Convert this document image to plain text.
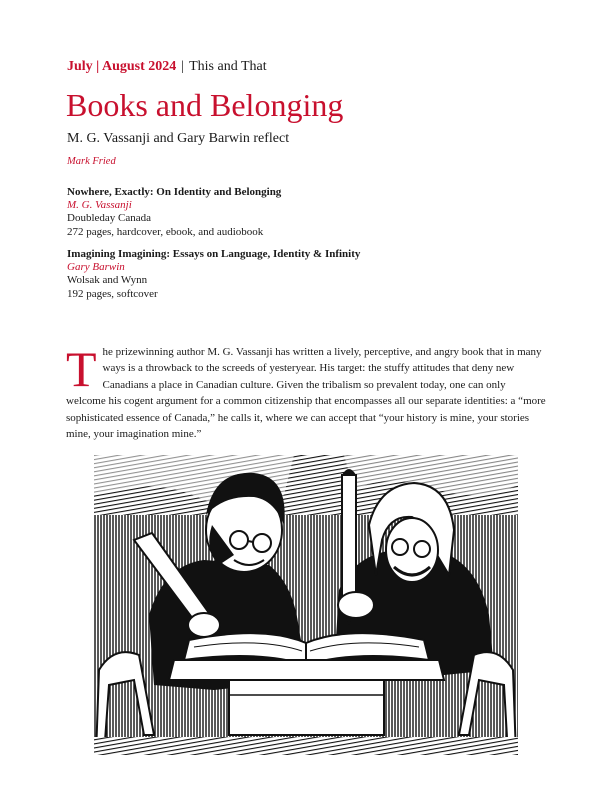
July | August 2024 | This and That
Books and Belonging
M. G. Vassanji and Gary Barwin reflect
Mark Fried
Nowhere, Exactly: On Identity and Belonging
M. G. Vassanji
Doubleday Canada
272 pages, hardcover, ebook, and audiobook
Imagining Imagining: Essays on Language, Identity & Infinity
Gary Barwin
Wolsak and Wynn
192 pages, softcover
T he prizewinning author M. G. Vassanji has written a lively, perceptive, and angry book that in many ways is a throwback to the screeds of yesteryear. His target: the stuffy attitudes that deny new Canadians a place in Canadian culture. Given the tribalism so prevalent today, one can only welcome his cogent argument for a common citizenship that encompasses all our separate identities: a “more sophisticated essence of Canada,” he calls it, where we can accept that “your history is mine, your stories mine, your imagination mine.”
